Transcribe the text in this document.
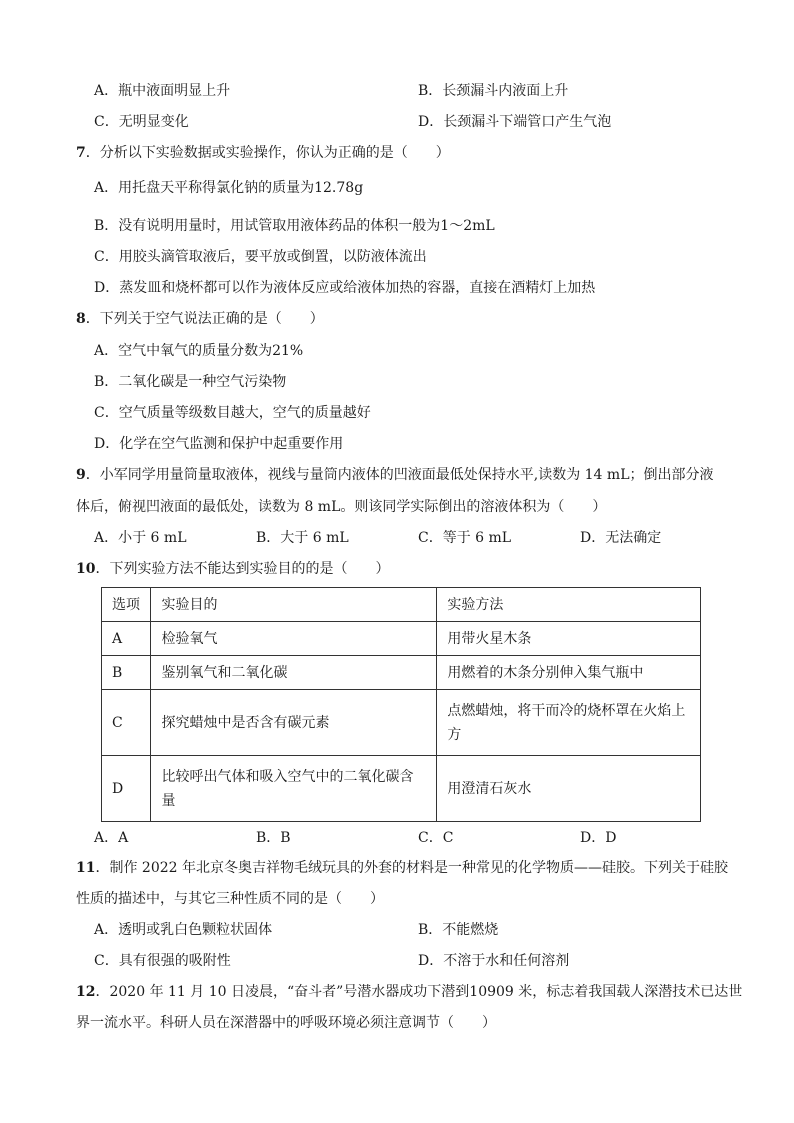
A．瓶中液面明显上升	B．长颈漏斗内液面上升
C．无明显变化	D．长颈漏斗下端管口产生气泡
7．分析以下实验数据或实验操作，你认为正确的是（　　）
A．用托盘天平称得氯化钠的质量为12.78g
B．没有说明用量时，用试管取用液体药品的体积一般为1～2mL
C．用胶头滴管取液后，要平放或倒置，以防液体流出
D．蒸发皿和烧杯都可以作为液体反应或给液体加热的容器，直接在酒精灯上加热
8．下列关于空气说法正确的是（　　）
A．空气中氧气的质量分数为21%
B．二氧化碳是一种空气污染物
C．空气质量等级数目越大，空气的质量越好
D．化学在空气监测和保护中起重要作用
9．小军同学用量筒量取液体，视线与量筒内液体的凹液面最低处保持水平,读数为 14 mL；倒出部分液
体后，俯视凹液面的最低处，读数为 8 mL。则该同学实际倒出的溶液体积为（　　）
A．小于 6 mL	B．大于 6 mL	C．等于 6 mL	D．无法确定
10．下列实验方法不能达到实验目的的是（　　）
选项	实验目的	实验方法
A	检验氧气	用带火星木条
B	鉴别氧气和二氧化碳	用燃着的木条分别伸入集气瓶中
C	探究蜡烛中是否含有碳元素	点燃蜡烛，将干而冷的烧杯罩在火焰上方
D	比较呼出气体和吸入空气中的二氧化碳含量	用澄清石灰水
A．A	B．B	C．C	D．D
11．制作 2022 年北京冬奥吉祥物毛绒玩具的外套的材料是一种常见的化学物质——硅胶。下列关于硅胶
性质的描述中，与其它三种性质不同的是（　　）
A．透明或乳白色颗粒状固体	B．不能燃烧
C．具有很强的吸附性	D．不溶于水和任何溶剂
12．2020 年 11 月 10 日凌晨，“奋斗者”号潜水器成功下潜到10909 米，标志着我国载人深潜技术已达世
界一流水平。科研人员在深潜器中的呼吸环境必须注意调节（　　）
